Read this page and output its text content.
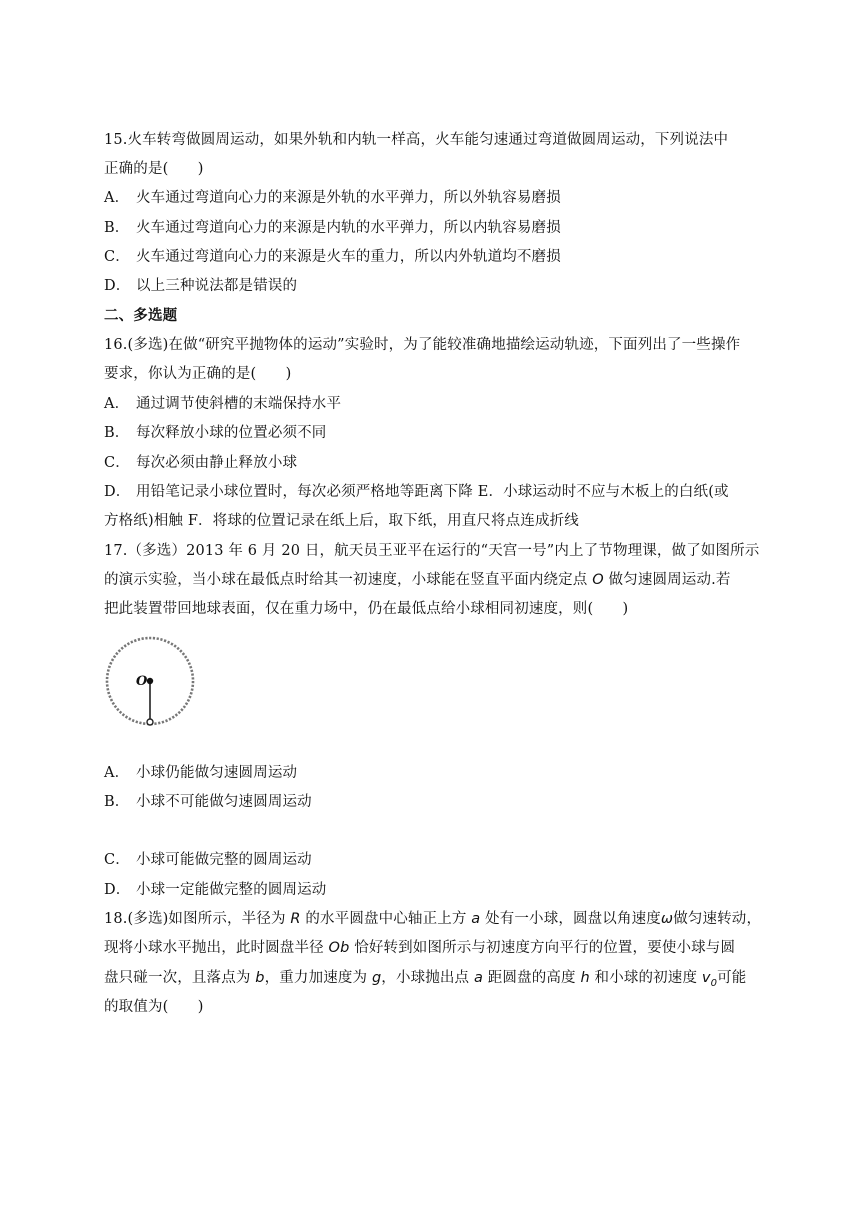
15.火车转弯做圆周运动，如果外轨和内轨一样高，火车能匀速通过弯道做圆周运动，下列说法中
正确的是(　　)
A． 火车通过弯道向心力的来源是外轨的水平弹力，所以外轨容易磨损
B． 火车通过弯道向心力的来源是内轨的水平弹力，所以内轨容易磨损
C． 火车通过弯道向心力的来源是火车的重力，所以内外轨道均不磨损
D． 以上三种说法都是错误的
二、多选题
16.(多选)在做“研究平抛物体的运动”实验时，为了能较准确地描绘运动轨迹，下面列出了一些操作
要求，你认为正确的是(　　)
A． 通过调节使斜槽的末端保持水平
B． 每次释放小球的位置必须不同
C． 每次必须由静止释放小球
D． 用铅笔记录小球位置时，每次必须严格地等距离下降 E．小球运动时不应与木板上的白纸(或
方格纸)相触 F．将球的位置记录在纸上后，取下纸，用直尺将点连成折线
17.（多选）2013 年 6 月 20 日，航天员王亚平在运行的“天宫一号”内上了节物理课，做了如图所示
的演示实验，当小球在最低点时给其一初速度，小球能在竖直平面内绕定点 O 做匀速圆周运动.若
把此装置带回地球表面，仅在重力场中，仍在最低点给小球相同初速度，则(　　)
O
A． 小球仍能做匀速圆周运动
B． 小球不可能做匀速圆周运动
C． 小球可能做完整的圆周运动
D． 小球一定能做完整的圆周运动
18.(多选)如图所示，半径为 R 的水平圆盘中心轴正上方 a 处有一小球，圆盘以角速度ω做匀速转动，
现将小球水平抛出，此时圆盘半径 Ob 恰好转到如图所示与初速度方向平行的位置，要使小球与圆
盘只碰一次，且落点为 b，重力加速度为 g，小球抛出点 a 距圆盘的高度 h 和小球的初速度 $v_0$可能
的取值为(　　)
